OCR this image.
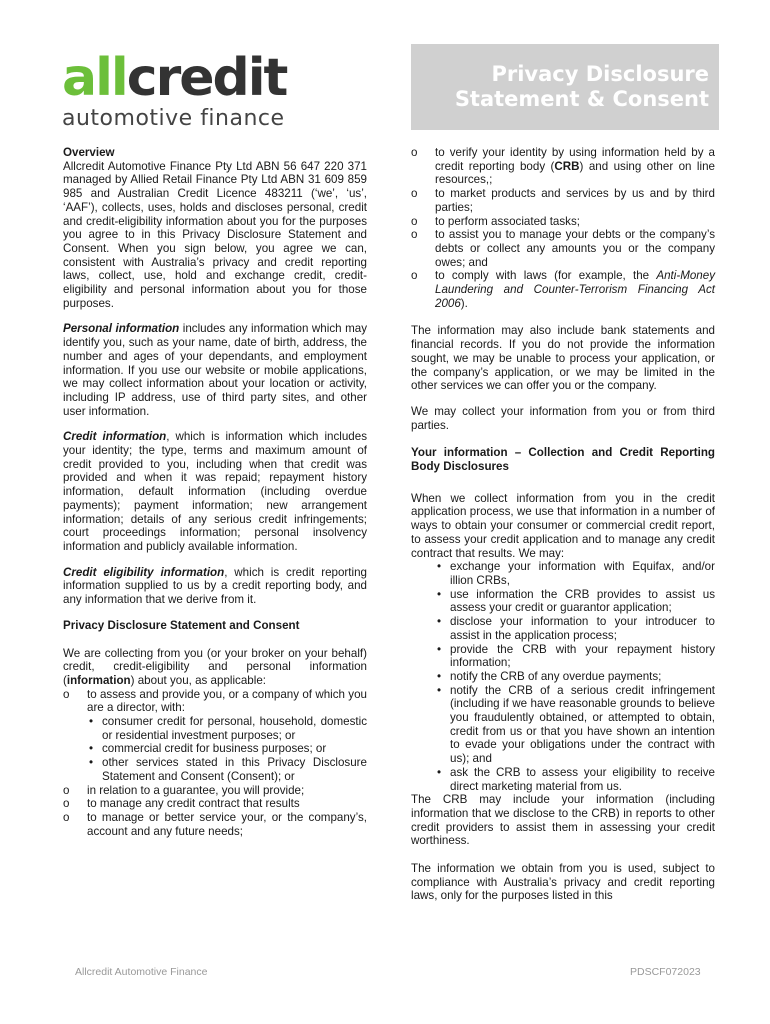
allcredit
automotive finance
Privacy Disclosure
Statement & Consent

Overview
Allcredit Automotive Finance Pty Ltd ABN 56 647 220 371 managed by Allied Retail Finance Pty Ltd ABN 31 609 859 985 and Australian Credit Licence 483211 (‘we’, ‘us’, ‘AAF’), collects, uses, holds and discloses personal, credit and credit-eligibility information about you for the purposes you agree to in this Privacy Disclosure Statement and Consent. When you sign below, you agree we can, consistent with Australia’s privacy and credit reporting laws, collect, use, hold and exchange credit, credit-eligibility and personal information about you for those purposes.

Personal information includes any information which may identify you, such as your name, date of birth, address, the number and ages of your dependants, and employment information. If you use our website or mobile applications, we may collect information about your location or activity, including IP address, use of third party sites, and other user information.

Credit information, which is information which includes your identity; the type, terms and maximum amount of credit provided to you, including when that credit was provided and when it was repaid; repayment history information, default information (including overdue payments); payment information; new arrangement information; details of any serious credit infringements; court proceedings information; personal insolvency information and publicly available information.

Credit eligibility information, which is credit reporting information supplied to us by a credit reporting body, and any information that we derive from it.

Privacy Disclosure Statement and Consent

We are collecting from you (or your broker on your behalf) credit, credit-eligibility and personal information (information) about you, as applicable:

o to assess and provide you, or a company of which you are a director, with:
• consumer credit for personal, household, domestic or residential investment purposes; or
• commercial credit for business purposes; or
• other services stated in this Privacy Disclosure Statement and Consent (Consent); or
o in relation to a guarantee, you will provide;
o to manage any credit contract that results
o to manage or better service your, or the company’s, account and any future needs;
o to verify your identity by using information held by a credit reporting body (CRB) and using other on line resources,;
o to market products and services by us and by third parties;
o to perform associated tasks;
o to assist you to manage your debts or the company’s debts or collect any amounts you or the company owes; and
o to comply with laws (for example, the Anti-Money Laundering and Counter-Terrorism Financing Act 2006).

The information may also include bank statements and financial records. If you do not provide the information sought, we may be unable to process your application, or the company’s application, or we may be limited in the other services we can offer you or the company.

We may collect your information from you or from third parties.

Your information – Collection and Credit Reporting Body Disclosures

When we collect information from you in the credit application process, we use that information in a number of ways to obtain your consumer or commercial credit report, to assess your credit application and to manage any credit contract that results. We may:

• exchange your information with Equifax, and/or illion CRBs,
• use information the CRB provides to assist us assess your credit or guarantor application;
• disclose your information to your introducer to assist in the application process;
• provide the CRB with your repayment history information;
• notify the CRB of any overdue payments;
• notify the CRB of a serious credit infringement (including if we have reasonable grounds to believe you fraudulently obtained, or attempted to obtain, credit from us or that you have shown an intention to evade your obligations under the contract with us); and
• ask the CRB to assess your eligibility to receive direct marketing material from us.

The CRB may include your information (including information that we disclose to the CRB) in reports to other credit providers to assist them in assessing your credit worthiness.

The information we obtain from you is used, subject to compliance with Australia’s privacy and credit reporting laws, only for the purposes listed in this

Allcredit Automotive Finance	PDSCF072023
